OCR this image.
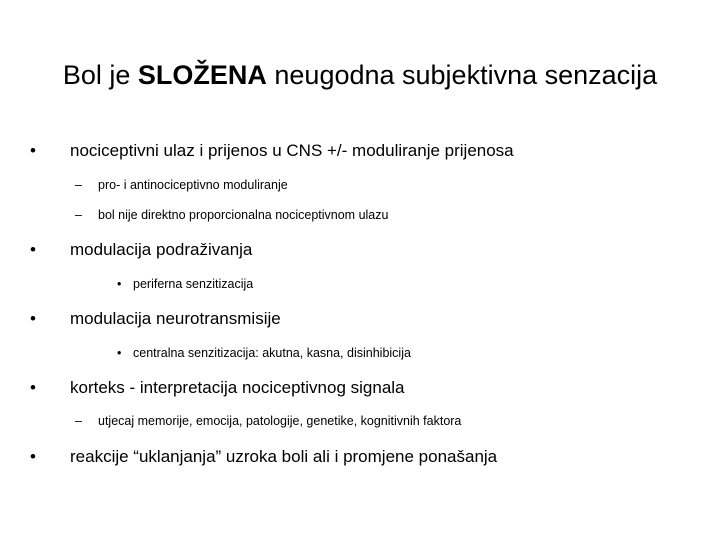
Bol je SLOŽENA neugodna subjektivna senzacija
• nociceptivni ulaz i prijenos u CNS +/- moduliranje prijenosa
– pro- i antinociceptivno moduliranje
– bol nije direktno proporcionalna nociceptivnom ulazu
• modulacija podraživanja
• periferna senzitizacija
• modulacija neurotransmisije
• centralna senzitizacija: akutna, kasna, disinhibicija
• korteks - interpretacija nociceptivnog signala
– utjecaj memorije, emocija, patologije, genetike, kognitivnih faktora
• reakcije “uklanjanja” uzroka boli ali i promjene ponašanja
